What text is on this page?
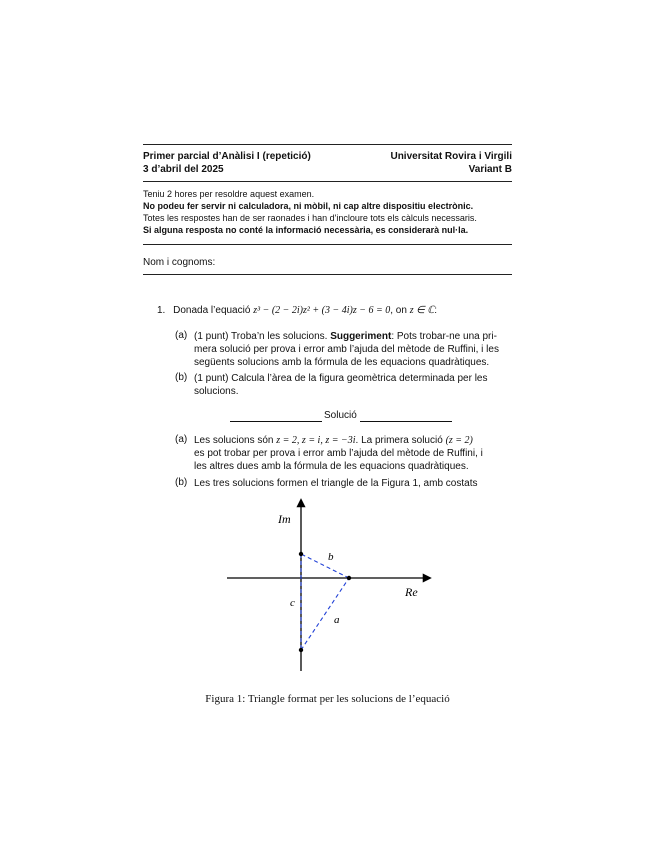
Primer parcial d’Anàlisi I (repetició)
3 d’abril del 2025
Universitat Rovira i Virgili
Variant B
Teniu 2 hores per resoldre aquest examen.
No podeu fer servir ni calculadora, ni mòbil, ni cap altre dispositiu electrònic.
Totes les respostes han de ser raonades i han d'incloure tots els càlculs necessaris.
Si alguna resposta no conté la informació necessària, es considerarà nul·la.
Nom i cognoms:
1. Donada l’equació z³ − (2 − 2i)z² + (3 − 4i)z − 6 = 0, on z ∈ ℂ:
(a) (1 punt) Troba’n les solucions. Suggeriment: Pots trobar-ne una pri-
mera solució per prova i error amb l’ajuda del mètode de Ruffini, i les
següents solucions amb la fórmula de les equacions quadràtiques.
(b) (1 punt) Calcula l’àrea de la figura geomètrica determinada per les
solucions.
Solució
(a) Les solucions són z = 2, z = i, z = −3i. La primera solució (z = 2)
es pot trobar per prova i error amb l’ajuda del mètode de Ruffini, i
les altres dues amb la fórmula de les equacions quadràtiques.
(b) Les tres solucions formen el triangle de la Figura 1, amb costats
Im
Re
b
c
a
Figura 1: Triangle format per les solucions de l’equació
